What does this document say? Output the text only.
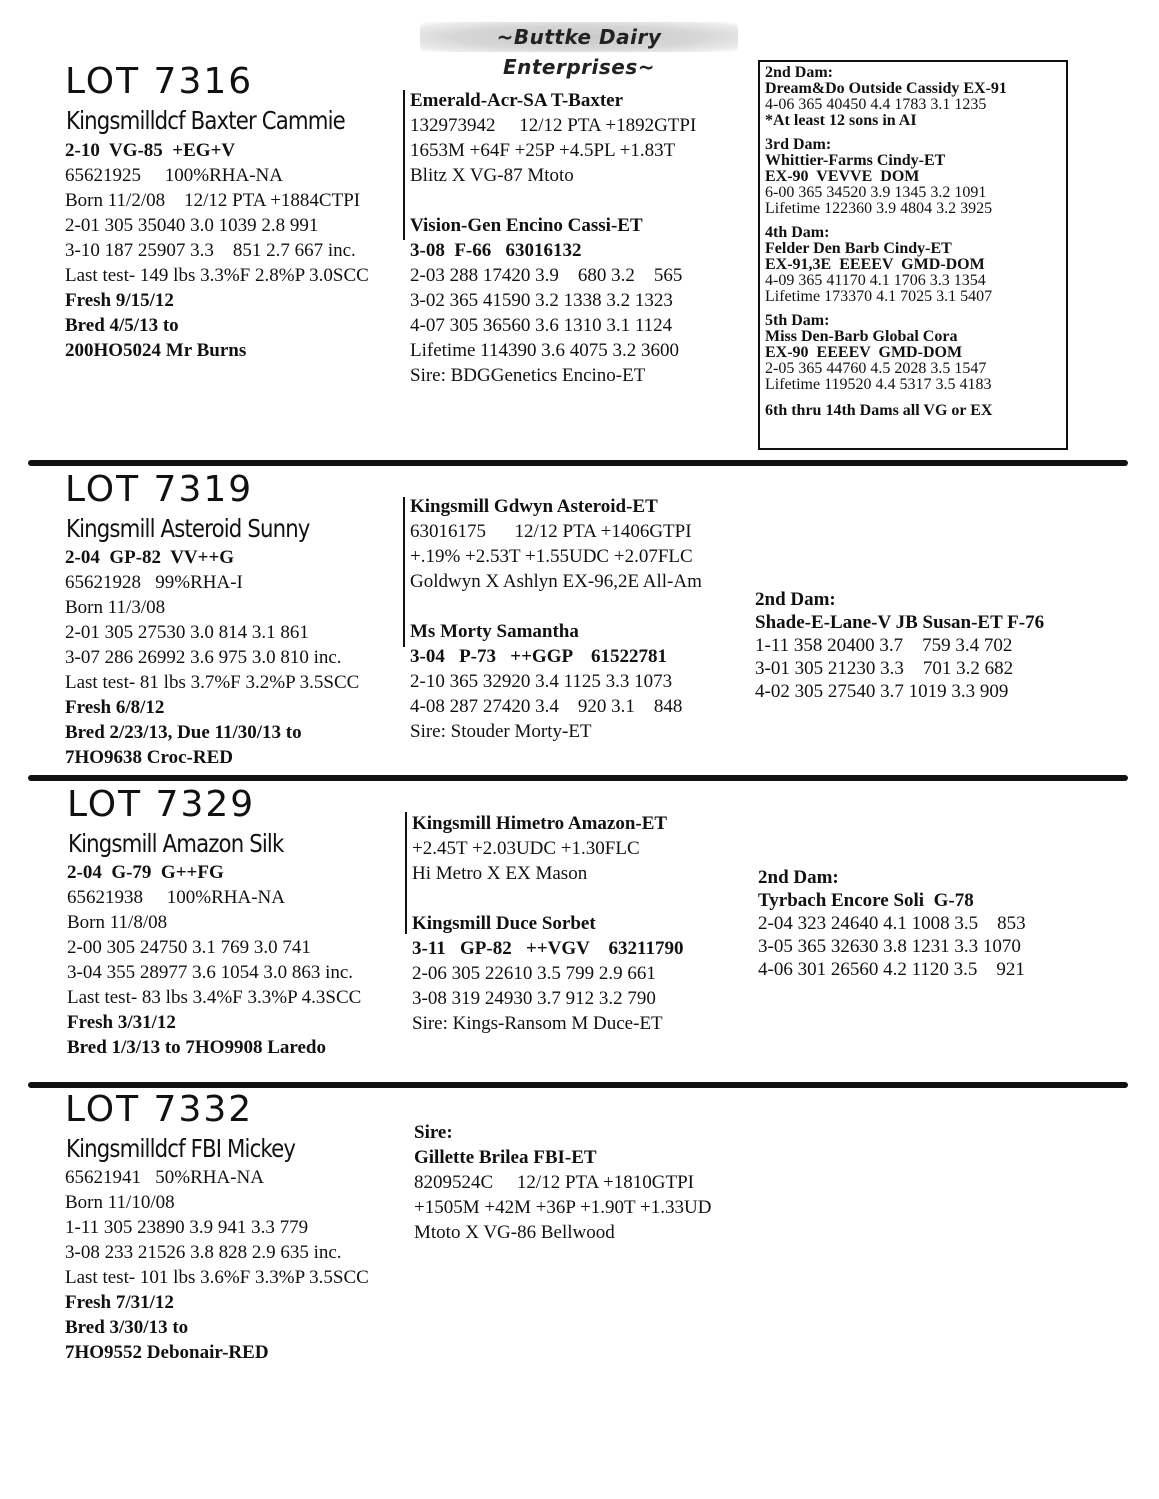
~Buttke Dairy Enterprises~
LOT 7316
Kingsmilldcf Baxter Cammie
2-10  VG-85  +EG+V
65621925     100%RHA-NA
Born 11/2/08    12/12 PTA +1884CTPI
2-01 305 35040 3.0 1039 2.8 991
3-10 187 25907 3.3    851 2.7 667 inc.
Last test- 149 lbs 3.3%F 2.8%P 3.0SCC
Fresh 9/15/12
Bred 4/5/13 to
200HO5024 Mr Burns
Emerald-Acr-SA T-Baxter
132973942     12/12 PTA +1892GTPI
1653M +64F +25P +4.5PL +1.83T
Blitz X VG-87 Mtoto
Vision-Gen Encino Cassi-ET
3-08  F-66   63016132
2-03 288 17420 3.9    680 3.2    565
3-02 365 41590 3.2 1338 3.2 1323
4-07 305 36560 3.6 1310 3.1 1124
Lifetime 114390 3.6 4075 3.2 3600
Sire: BDGGenetics Encino-ET
2nd Dam:
Dream&Do Outside Cassidy EX-91
4-06 365 40450 4.4 1783 3.1 1235
*At least 12 sons in AI
3rd Dam:
Whittier-Farms Cindy-ET
EX-90  VEVVE  DOM
6-00 365 34520 3.9 1345 3.2 1091
Lifetime 122360 3.9 4804 3.2 3925
4th Dam:
Felder Den Barb Cindy-ET
EX-91,3E  EEEEV  GMD-DOM
4-09 365 41170 4.1 1706 3.3 1354
Lifetime 173370 4.1 7025 3.1 5407
5th Dam:
Miss Den-Barb Global Cora
EX-90  EEEEV  GMD-DOM
2-05 365 44760 4.5 2028 3.5 1547
Lifetime 119520 4.4 5317 3.5 4183
6th thru 14th Dams all VG or EX
LOT 7319
Kingsmill Asteroid Sunny
2-04  GP-82  VV++G
65621928   99%RHA-I
Born 11/3/08
2-01 305 27530 3.0 814 3.1 861
3-07 286 26992 3.6 975 3.0 810 inc.
Last test- 81 lbs 3.7%F 3.2%P 3.5SCC
Fresh 6/8/12
Bred 2/23/13, Due 11/30/13 to
7HO9638 Croc-RED
Kingsmill Gdwyn Asteroid-ET
63016175      12/12 PTA +1406GTPI
+.19% +2.53T +1.55UDC +2.07FLC
Goldwyn X Ashlyn EX-96,2E All-Am
Ms Morty Samantha
3-04   P-73   ++GGP    61522781
2-10 365 32920 3.4 1125 3.3 1073
4-08 287 27420 3.4    920 3.1    848
Sire: Stouder Morty-ET
2nd Dam:
Shade-E-Lane-V JB Susan-ET F-76
1-11 358 20400 3.7    759 3.4 702
3-01 305 21230 3.3    701 3.2 682
4-02 305 27540 3.7 1019 3.3 909
LOT 7329
Kingsmill Amazon Silk
2-04  G-79  G++FG
65621938     100%RHA-NA
Born 11/8/08
2-00 305 24750 3.1 769 3.0 741
3-04 355 28977 3.6 1054 3.0 863 inc.
Last test- 83 lbs 3.4%F 3.3%P 4.3SCC
Fresh 3/31/12
Bred 1/3/13 to 7HO9908 Laredo
Kingsmill Himetro Amazon-ET
+2.45T +2.03UDC +1.30FLC
Hi Metro X EX Mason
Kingsmill Duce Sorbet
3-11   GP-82   ++VGV    63211790
2-06 305 22610 3.5 799 2.9 661
3-08 319 24930 3.7 912 3.2 790
Sire: Kings-Ransom M Duce-ET
2nd Dam:
Tyrbach Encore Soli  G-78
2-04 323 24640 4.1 1008 3.5    853
3-05 365 32630 3.8 1231 3.3 1070
4-06 301 26560 4.2 1120 3.5    921
LOT 7332
Kingsmilldcf FBI Mickey
65621941   50%RHA-NA
Born 11/10/08
1-11 305 23890 3.9 941 3.3 779
3-08 233 21526 3.8 828 2.9 635 inc.
Last test- 101 lbs 3.6%F 3.3%P 3.5SCC
Fresh 7/31/12
Bred 3/30/13 to
7HO9552 Debonair-RED
Sire:
Gillette Brilea FBI-ET
8209524C     12/12 PTA +1810GTPI
+1505M +42M +36P +1.90T +1.33UD
Mtoto X VG-86 Bellwood
